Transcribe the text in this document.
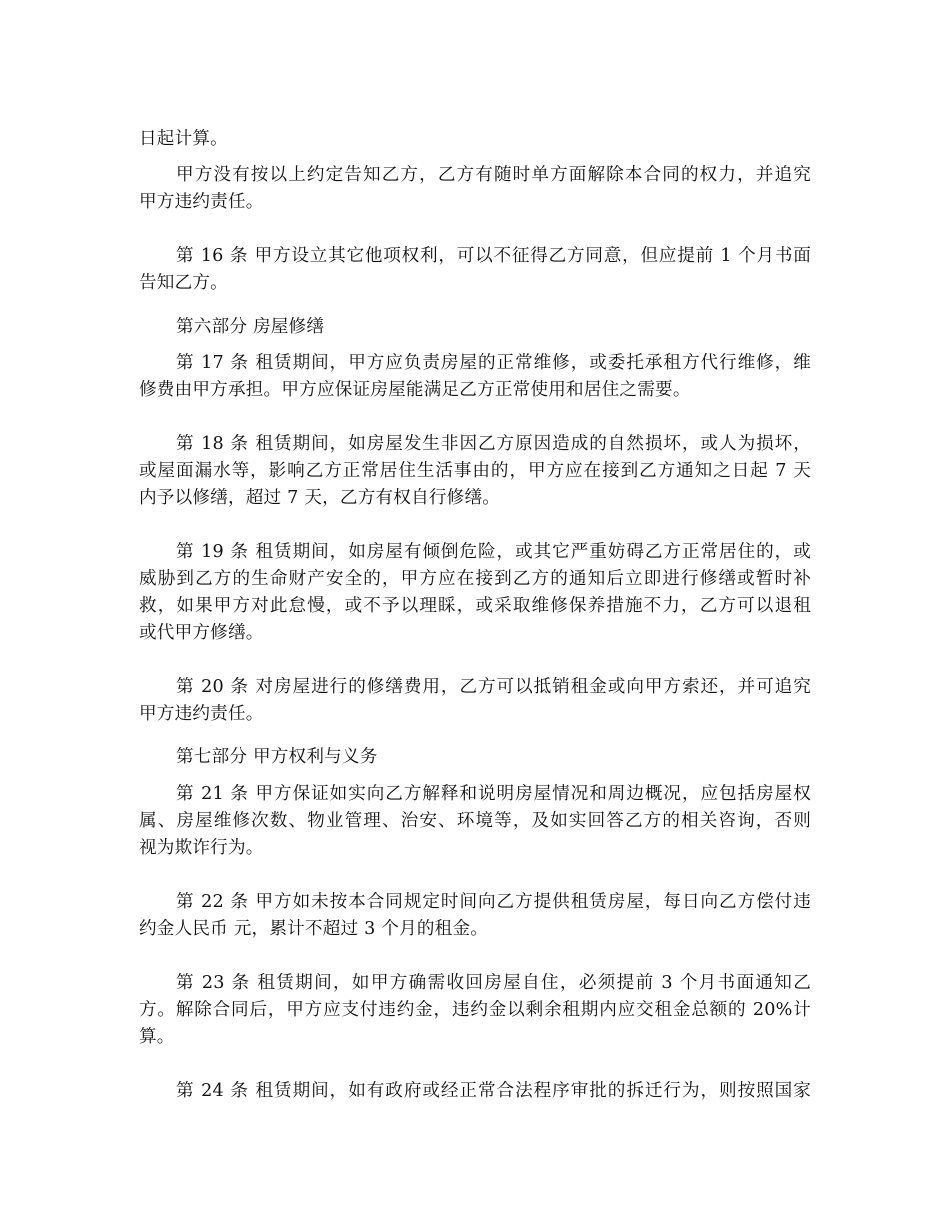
日起计算。
甲方没有按以上约定告知乙方，乙方有随时单方面解除本合同的权力，并追究
甲方违约责任。
第 16 条 甲方设立其它他项权利，可以不征得乙方同意，但应提前 1 个月书面
告知乙方。
第六部分 房屋修缮
第 17 条 租赁期间，甲方应负责房屋的正常维修，或委托承租方代行维修，维
修费由甲方承担。甲方应保证房屋能满足乙方正常使用和居住之需要。
第 18 条 租赁期间，如房屋发生非因乙方原因造成的自然损坏，或人为损坏，
或屋面漏水等，影响乙方正常居住生活事由的，甲方应在接到乙方通知之日起 7 天
内予以修缮，超过 7 天，乙方有权自行修缮。
第 19 条 租赁期间，如房屋有倾倒危险，或其它严重妨碍乙方正常居住的，或
威胁到乙方的生命财产安全的，甲方应在接到乙方的通知后立即进行修缮或暂时补
救，如果甲方对此怠慢，或不予以理睬，或采取维修保养措施不力，乙方可以退租
或代甲方修缮。
第 20 条 对房屋进行的修缮费用，乙方可以抵销租金或向甲方索还，并可追究
甲方违约责任。
第七部分 甲方权利与义务
第 21 条 甲方保证如实向乙方解释和说明房屋情况和周边概况，应包括房屋权
属、房屋维修次数、物业管理、治安、环境等，及如实回答乙方的相关咨询，否则
视为欺诈行为。
第 22 条 甲方如未按本合同规定时间向乙方提供租赁房屋，每日向乙方偿付违
约金人民币 元，累计不超过 3 个月的租金。
第 23 条 租赁期间，如甲方确需收回房屋自住，必须提前 3 个月书面通知乙
方。解除合同后，甲方应支付违约金，违约金以剩余租期内应交租金总额的 20%计
算。
第 24 条 租赁期间，如有政府或经正常合法程序审批的拆迁行为，则按照国家
